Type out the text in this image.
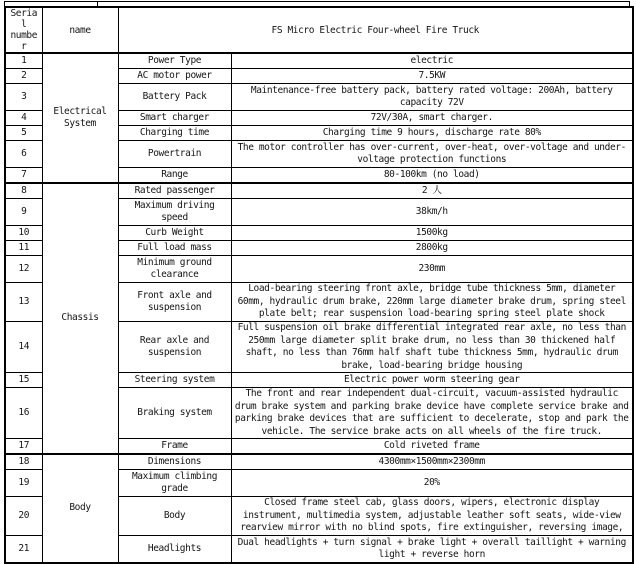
Serial number	name	FS Micro Electric Four-wheel Fire Truck	
1	Electrical System	Power Type	electric
2		AC motor power	7.5KW
3		Battery Pack	Maintenance-free battery pack, battery rated voltage: 200Ah, battery capacity 72V
4		Smart charger	72V/30A, smart charger.
5		Charging time	Charging time 9 hours, discharge rate 80%
6		Powertrain	The motor controller has over-current, over-heat, over-voltage and under-voltage protection functions
7		Range	80-100km (no load)
8	Chassis	Rated passenger	2 人
9		Maximum driving speed	38km/h
10		Curb Weight	1500kg
11		Full load mass	2800kg
12		Minimum ground clearance	230mm
13		Front axle and suspension	Load-bearing steering front axle, bridge tube thickness 5mm, diameter 60mm, hydraulic drum brake, 220mm large diameter brake drum, spring steel plate belt; rear suspension load-bearing spring steel plate shock
14		Rear axle and suspension	Full suspension oil brake differential integrated rear axle, no less than 250mm large diameter split brake drum, no less than 30 thickened half shaft, no less than 76mm half shaft tube thickness 5mm, hydraulic drum brake, load-bearing bridge housing
15		Steering system	Electric power worm steering gear
16		Braking system	The front and rear independent dual-circuit, vacuum-assisted hydraulic drum brake system and parking brake device have complete service brake and parking brake devices that are sufficient to decelerate, stop and park the vehicle. The service brake acts on all wheels of the fire truck.
17		Frame	Cold riveted frame
18	Body	Dimensions	4300mm×1500mm×2300mm
19		Maximum climbing grade	20%
20		Body	Closed frame steel cab, glass doors, wipers, electronic display instrument, multimedia system, adjustable leather soft seats, wide-view rearview mirror with no blind spots, fire extinguisher, reversing image,
21		Headlights	Dual headlights + turn signal + brake light + overall taillight + warning light + reverse horn
